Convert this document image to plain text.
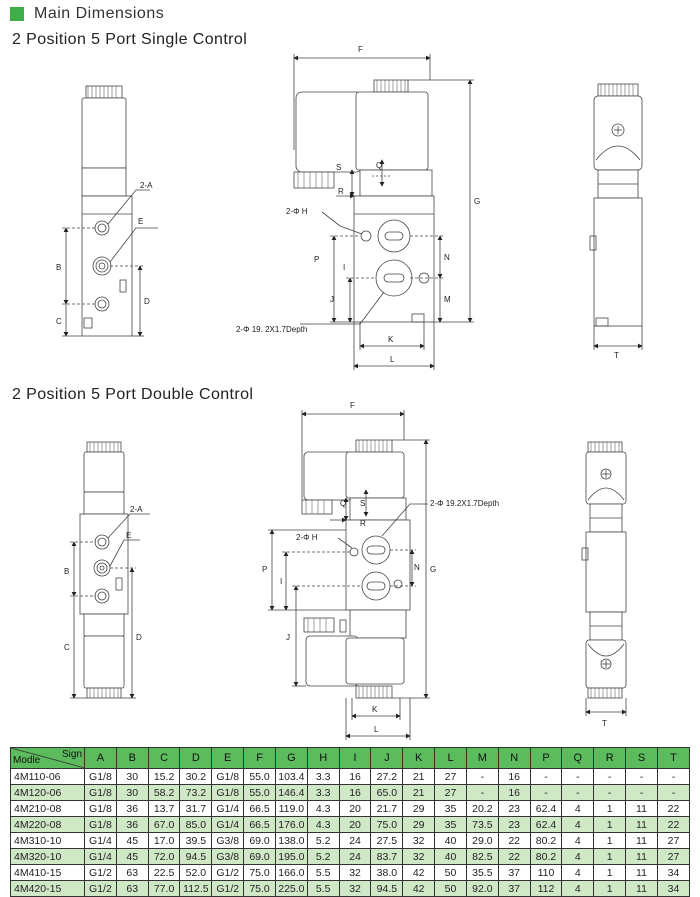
Main Dimensions
2 Position 5 Port Single Control
2 Position 5 Port Double Control
2-A
E
B
C
D
F
G
S	Q
R
2-Φ H
P
I
J
N
M
K
L
2-Φ 19. 2X1.7Depth
T
2-A
E
B
C
D
F
G
S
Q
R
2-Φ H
P
I
J
N
K
L
2-Φ 19.2X1.7Depth
T
Sign
Modle	A	B	C	D	E	F	G	H	I	J	K	L	M	N	P	Q	R	S	T
4M110-06	G1/8	30	15.2	30.2	G1/8	55.0	103.4	3.3	16	27.2	21	27	-	16	-	-	-	-	-
4M120-06	G1/8	30	58.2	73.2	G1/8	55.0	146.4	3.3	16	65.0	21	27	-	16	-	-	-	-	-
4M210-08	G1/8	36	13.7	31.7	G1/4	66.5	119.0	4.3	20	21.7	29	35	20.2	23	62.4	4	1	11	22
4M220-08	G1/8	36	67.0	85.0	G1/4	66.5	176.0	4.3	20	75.0	29	35	73.5	23	62.4	4	1	11	22
4M310-10	G1/4	45	17.0	39.5	G3/8	69.0	138.0	5.2	24	27.5	32	40	29.0	22	80.2	4	1	11	27
4M320-10	G1/4	45	72.0	94.5	G3/8	69.0	195.0	5.2	24	83.7	32	40	82.5	22	80.2	4	1	11	27
4M410-15	G1/2	63	22.5	52.0	G1/2	75.0	166.0	5.5	32	38.0	42	50	35.5	37	110	4	1	11	34
4M420-15	G1/2	63	77.0	112.5	G1/2	75.0	225.0	5.5	32	94.5	42	50	92.0	37	112	4	1	11	34
